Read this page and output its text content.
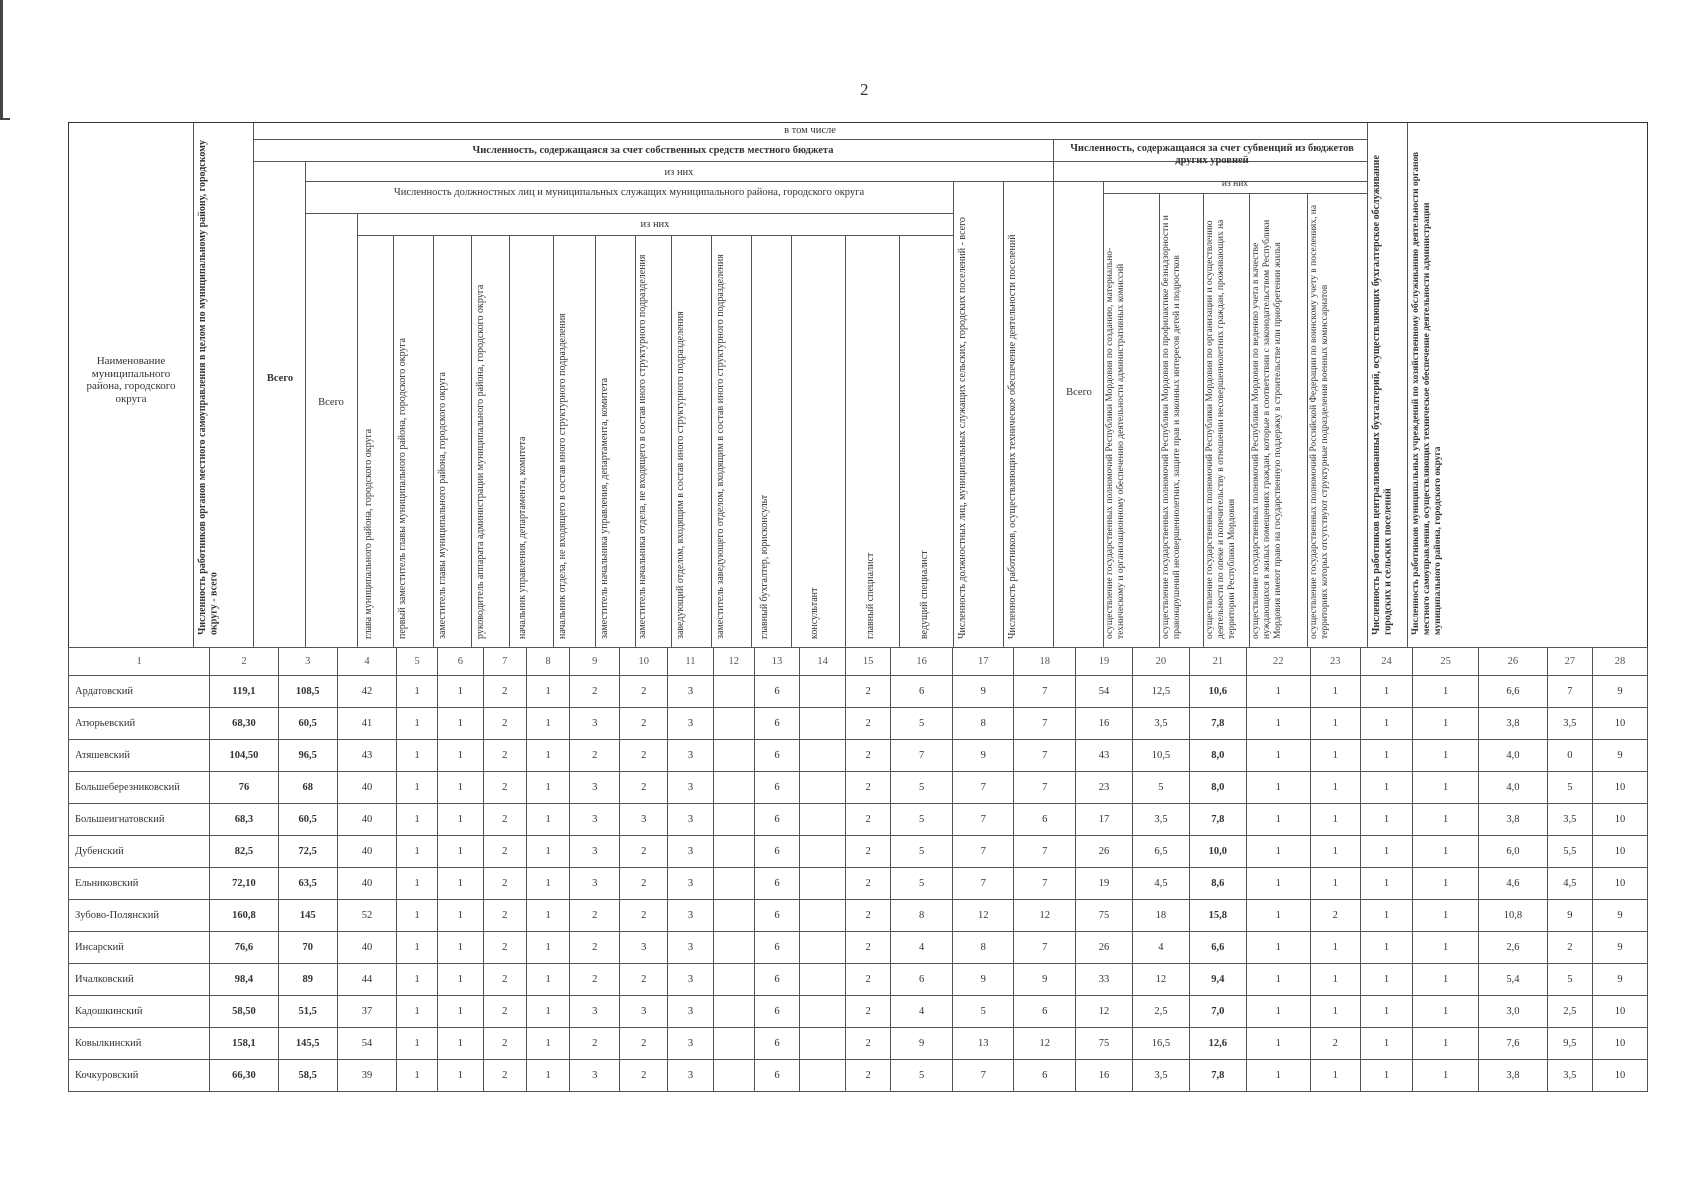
2
Наименование муниципального района, городского округа	Численность работников органов местного самоуправления в целом по муниципальному району, городскому округу - всего
в том числе
Численность, содержащаяся за счет собственных средств местного бюджета	Численность, содержащаяся за счет субвенций из бюджетов других уровней
Всего
из них
Численность должностных лиц и муниципальных служащих муниципального района, городского округа
Всего
из них
из них
Всего
глава муниципального района, городского округа	первый заместитель главы муниципального района, городского округа	заместитель главы муниципального района, городского округа	руководитель аппарата администрации муниципального района, городского округа	начальник управления, департамента, комитета	начальник отдела, не входящего в состав иного структурного подразделения	заместитель начальника управления, департамента, комитета	заместитель начальника отдела, не входящего в состав иного структурного подразделения	заведующий отделом, входящим в состав иного структурного подразделения	заместитель заведующего отделом, входящим в состав иного структурного подразделения	главный бухгалтер, юрисконсульт	консультант	главный специалист	ведущий специалист	Численность должностных лиц, муниципальных служащих сельских, городских поселений - всего	Численность работников, осуществляющих техническое обеспечение деятельности поселений	осуществление государственных полномочий Республики Мордовия по созданию, материально-техническому и организационному обеспечению деятельности административных комиссий	осуществление государственных полномочий Республики Мордовия по профилактике безнадзорности и правонарушений несовершеннолетних, защите прав и законных интересов детей и подростков	осуществление государственных полномочий Республики Мордовия по организации и осуществлению деятельности по опеке и попечительству в отношении несовершеннолетних граждан, проживающих на территории Республики Мордовия	осуществление государственных полномочий Республики Мордовия по ведению учета в качестве нуждающихся в жилых помещениях граждан, которые в соответствии с законодательством Республики Мордовия имеют право на государственную поддержку в строительстве или приобретении жилья	осуществление государственных полномочий Российской Федерации по воинскому учету в поселениях, на территориях которых отсутствуют структурные подразделения военных комиссариатов	Численность работников централизованных бухгалтерий, осуществляющих бухгалтерское обслуживание городских и сельских поселений	Численность работников муниципальных учреждений по хозяйственному обслуживанию деятельности органов местного самоуправления, осуществляющих техническое обеспечение деятельности администрации муниципального района, городского округа
1	2	3	4	5	6	7	8	9	10	11	12	13	14	15	16	17	18	19	20	21	22	23	24	25	26	27	28
Ардатовский	119,1	108,5	42	1	1	2	1	2	2	3		6		2	6	9	7	54	12,5	10,6	1	1	1	1	6,6	7	9
Атюрьевский	68,30	60,5	41	1	1	2	1	3	2	3		6		2	5	8	7	16	3,5	7,8	1	1	1	1	3,8	3,5	10
Атяшевский	104,50	96,5	43	1	1	2	1	2	2	3		6		2	7	9	7	43	10,5	8,0	1	1	1	1	4,0	0	9
Большеберезниковский	76	68	40	1	1	2	1	3	2	3		6		2	5	7	7	23	5	8,0	1	1	1	1	4,0	5	10
Большеигнатовский	68,3	60,5	40	1	1	2	1	3	3	3		6		2	5	7	6	17	3,5	7,8	1	1	1	1	3,8	3,5	10
Дубенский	82,5	72,5	40	1	1	2	1	3	2	3		6		2	5	7	7	26	6,5	10,0	1	1	1	1	6,0	5,5	10
Ельниковский	72,10	63,5	40	1	1	2	1	3	2	3		6		2	5	7	7	19	4,5	8,6	1	1	1	1	4,6	4,5	10
Зубово-Полянский	160,8	145	52	1	1	2	1	2	2	3		6		2	8	12	12	75	18	15,8	1	2	1	1	10,8	9	9
Инсарский	76,6	70	40	1	1	2	1	2	3	3		6		2	4	8	7	26	4	6,6	1	1	1	1	2,6	2	9
Ичалковский	98,4	89	44	1	1	2	1	2	2	3		6		2	6	9	9	33	12	9,4	1	1	1	1	5,4	5	9
Кадошкинский	58,50	51,5	37	1	1	2	1	3	3	3		6		2	4	5	6	12	2,5	7,0	1	1	1	1	3,0	2,5	10
Ковылкинский	158,1	145,5	54	1	1	2	1	2	2	3		6		2	9	13	12	75	16,5	12,6	1	2	1	1	7,6	9,5	10
Кочкуровский	66,30	58,5	39	1	1	2	1	3	2	3		6		2	5	7	6	16	3,5	7,8	1	1	1	1	3,8	3,5	10
